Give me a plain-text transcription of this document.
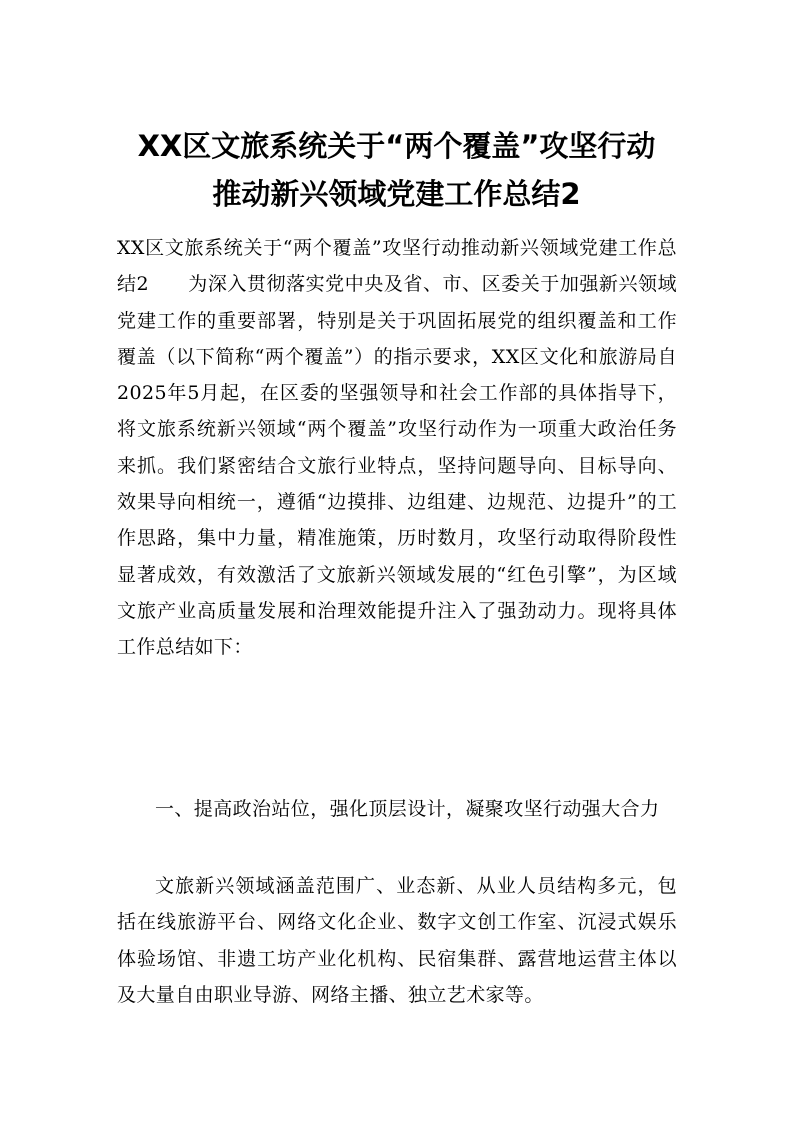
XX区文旅系统关于“两个覆盖”攻坚行动
推动新兴领域党建工作总结2
XX区文旅系统关于“两个覆盖”攻坚行动推动新兴领域党建工作总结2　　为深入贯彻落实党中央及省、市、区委关于加强新兴领域党建工作的重要部署，特别是关于巩固拓展党的组织覆盖和工作覆盖（以下简称“两个覆盖”）的指示要求，XX区文化和旅游局自2025年5月起，在区委的坚强领导和社会工作部的具体指导下，将文旅系统新兴领域“两个覆盖”攻坚行动作为一项重大政治任务来抓。我们紧密结合文旅行业特点，坚持问题导向、目标导向、效果导向相统一，遵循“边摸排、边组建、边规范、边提升”的工作思路，集中力量，精准施策，历时数月，攻坚行动取得阶段性显著成效，有效激活了文旅新兴领域发展的“红色引擎”，为区域文旅产业高质量发展和治理效能提升注入了强劲动力。现将具体工作总结如下：
一、提高政治站位，强化顶层设计，凝聚攻坚行动强大合力
文旅新兴领域涵盖范围广、业态新、从业人员结构多元，包括在线旅游平台、网络文化企业、数字文创工作室、沉浸式娱乐体验场馆、非遗工坊产业化机构、民宿集群、露营地运营主体以及大量自由职业导游、网络主播、独立艺术家等。
